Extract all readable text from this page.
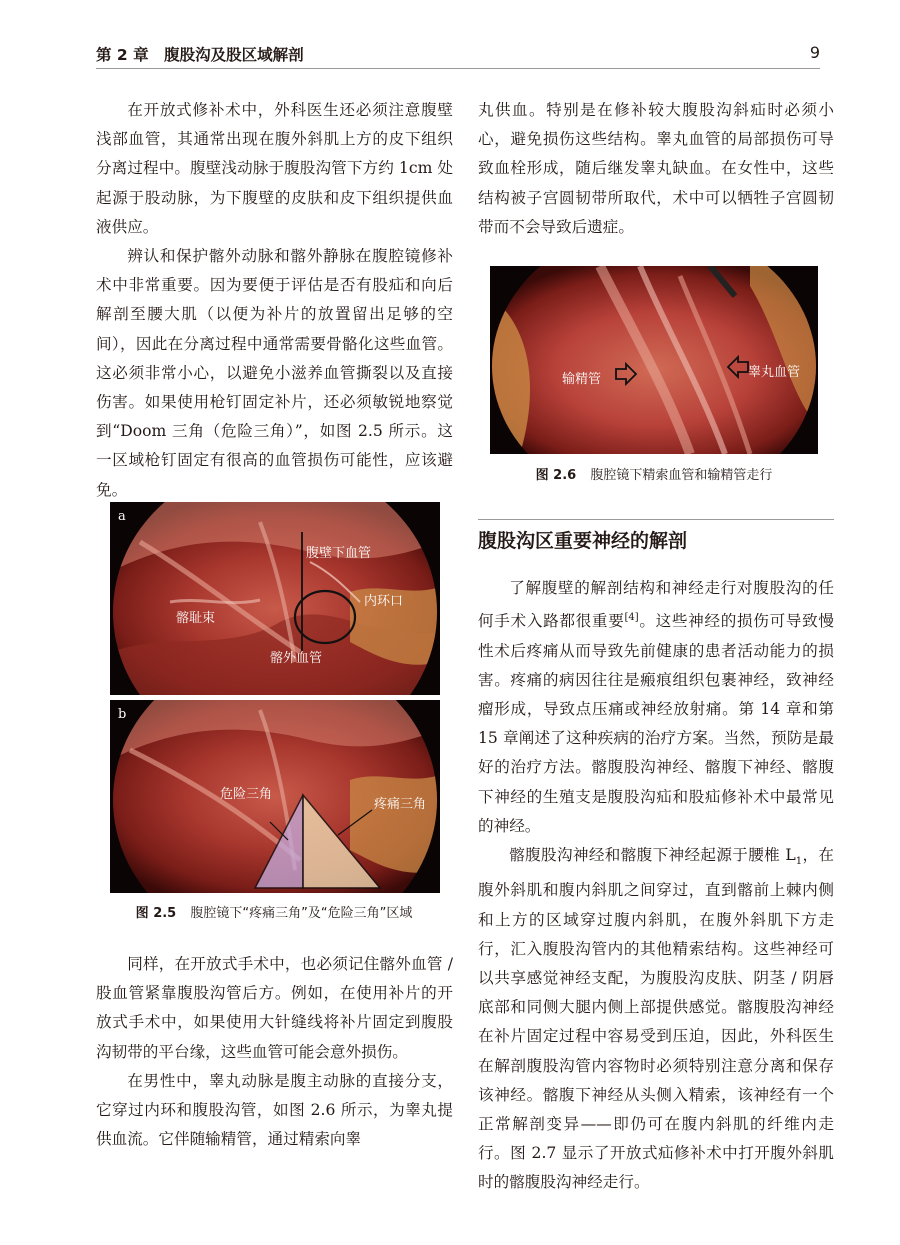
第 2 章　腹股沟及股区域解剖	9

在开放式修补术中，外科医生还必须注意腹壁浅部血管，其通常出现在腹外斜肌上方的皮下组织分离过程中。腹壁浅动脉于腹股沟管下方约 1cm 处起源于股动脉，为下腹壁的皮肤和皮下组织提供血液供应。

辨认和保护髂外动脉和髂外静脉在腹腔镜修补术中非常重要。因为要便于评估是否有股疝和向后解剖至腰大肌（以便为补片的放置留出足够的空间），因此在分离过程中通常需要骨骼化这些血管。这必须非常小心，以避免小滋养血管撕裂以及直接伤害。如果使用枪钉固定补片，还必须敏锐地察觉到“Doom 三角（危险三角）”，如图 2.5 所示。这一区域枪钉固定有很高的血管损伤可能性，应该避免。

a
腹壁下血管
内环口
髂耻束
髂外血管
b
危险三角
疼痛三角
图 2.5 腹腔镜下“疼痛三角”及“危险三角”区域

同样，在开放式手术中，也必须记住髂外血管 / 股血管紧靠腹股沟管后方。例如，在使用补片的开放式手术中，如果使用大针缝线将补片固定到腹股沟韧带的平台缘，这些血管可能会意外损伤。

在男性中，睾丸动脉是腹主动脉的直接分支，它穿过内环和腹股沟管，如图 2.6 所示，为睾丸提供血流。它伴随输精管，通过精索向睾

丸供血。特别是在修补较大腹股沟斜疝时必须小心，避免损伤这些结构。睾丸血管的局部损伤可导致血栓形成，随后继发睾丸缺血。在女性中，这些结构被子宫圆韧带所取代，术中可以牺牲子宫圆韧带而不会导致后遗症。

输精管	睾丸血管
图 2.6 腹腔镜下精索血管和输精管走行
腹股沟区重要神经的解剖

了解腹壁的解剖结构和神经走行对腹股沟的任何手术入路都很重要[4]。这些神经的损伤可导致慢性术后疼痛从而导致先前健康的患者活动能力的损害。疼痛的病因往往是瘢痕组织包裹神经，致神经瘤形成，导致点压痛或神经放射痛。第 14 章和第 15 章阐述了这种疾病的治疗方案。当然，预防是最好的治疗方法。髂腹股沟神经、髂腹下神经、髂腹下神经的生殖支是腹股沟疝和股疝修补术中最常见的神经。

髂腹股沟神经和髂腹下神经起源于腰椎 $L_1$，在腹外斜肌和腹内斜肌之间穿过，直到髂前上棘内侧和上方的区域穿过腹内斜肌，在腹外斜肌下方走行，汇入腹股沟管内的其他精索结构。这些神经可以共享感觉神经支配，为腹股沟皮肤、阴茎 / 阴唇底部和同侧大腿内侧上部提供感觉。髂腹股沟神经在补片固定过程中容易受到压迫，因此，外科医生在解剖腹股沟管内容物时必须特别注意分离和保存该神经。髂腹下神经从头侧入精索，该神经有一个正常解剖变异——即仍可在腹内斜肌的纤维内走行。图 2.7 显示了开放式疝修补术中打开腹外斜肌时的髂腹股沟神经走行。
